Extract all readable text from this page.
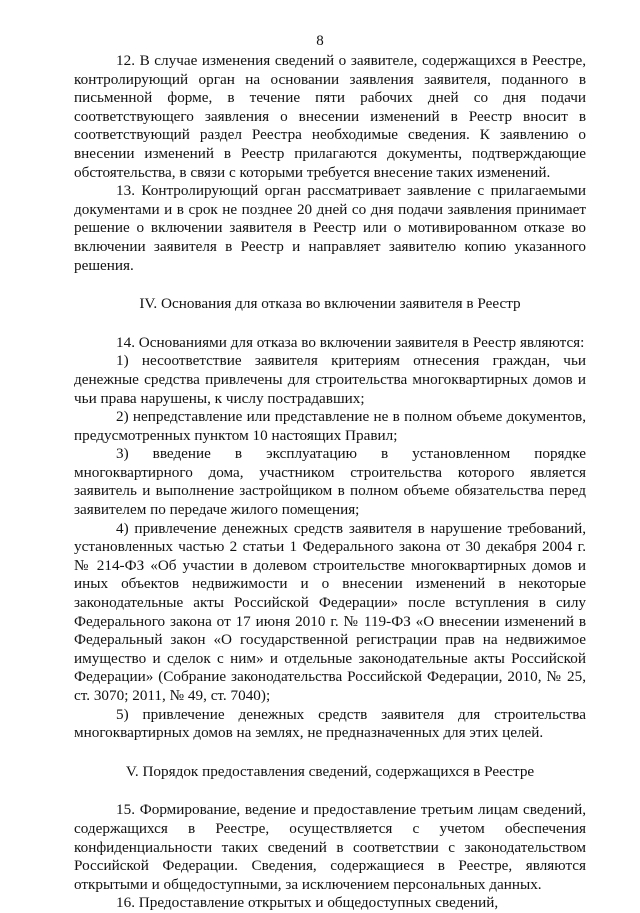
8

12. В случае изменения сведений о заявителе, содержащихся в Реестре, контролирующий орган на основании заявления заявителя, поданного в письменной форме, в течение пяти рабочих дней со дня подачи соответствующего заявления о внесении изменений в Реестр вносит в соответствующий раздел Реестра необходимые сведения. К заявлению о внесении изменений в Реестр прилагаются документы, подтверждающие обстоятельства, в связи с которыми требуется внесение таких изменений.

13. Контролирующий орган рассматривает заявление с прилагаемыми документами и в срок не позднее 20 дней со дня подачи заявления принимает решение о включении заявителя в Реестр или о мотивированном отказе во включении заявителя в Реестр и направляет заявителю копию указанного решения.

IV. Основания для отказа во включении заявителя в Реестр

14. Основаниями для отказа во включении заявителя в Реестр являются:

1) несоответствие заявителя критериям отнесения граждан, чьи денежные средства привлечены для строительства многоквартирных домов и чьи права нарушены, к числу пострадавших;

2) непредставление или представление не в полном объеме документов, предусмотренных пунктом 10 настоящих Правил;

3) введение в эксплуатацию в установленном порядке многоквартирного дома, участником строительства которого является заявитель и выполнение застройщиком в полном объеме обязательства перед заявителем по передаче жилого помещения;

4) привлечение денежных средств заявителя в нарушение требований, установленных частью 2 статьи 1 Федерального закона от 30 декабря 2004 г. № 214-ФЗ «Об участии в долевом строительстве многоквартирных домов и иных объектов недвижимости и о внесении изменений в некоторые законодательные акты Российской Федерации» после вступления в силу Федерального закона от 17 июня 2010 г. № 119-ФЗ «О внесении изменений в Федеральный закон «О государственной регистрации прав на недвижимое имущество и сделок с ним» и отдельные законодательные акты Российской Федерации» (Собрание законодательства Российской Федерации, 2010, № 25, ст. 3070; 2011, № 49, ст. 7040);

5) привлечение денежных средств заявителя для строительства многоквартирных домов на землях, не предназначенных для этих целей.

V. Порядок предоставления сведений, содержащихся в Реестре

15. Формирование, ведение и предоставление третьим лицам сведений, содержащихся в Реестре, осуществляется с учетом обеспечения конфиденциальности таких сведений в соответствии с законодательством Российской Федерации. Сведения, содержащиеся в Реестре, являются открытыми и общедоступными, за исключением персональных данных.

16. Предоставление открытых и общедоступных сведений,
